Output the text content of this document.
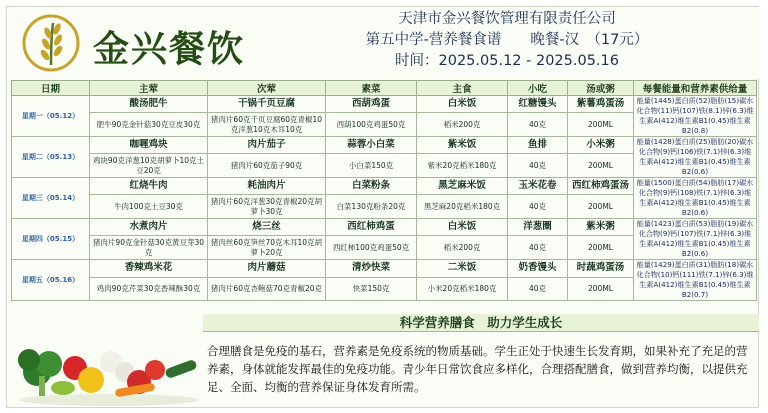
金兴餐饮
天津市金兴餐饮管理有限责任公司
第五中学-营养餐食谱　　晚餐-汉　（17元）
时间：2025.05.12 - 2025.05.16
日期	主荤	次荤	素菜	主食	小吃	汤或粥	每餐能量和营养素供给量
星期一（05.12）	酸汤肥牛	干锅千页豆腐	西葫鸡蛋	白米饭	红糖馒头	紫薯鸡蛋汤	能量(1445)蛋白质(52)脂肪(15)碳水化合物(11)钙(107)铁(8.1)锌(6.3)维生素A(412)维生素B1(0.45)维生素B2(0.8)
	肥牛90克金针菇30克豆皮30克	猪肉片60克千页豆腐60克青椒10克洋葱10克木耳10克	西葫100克鸡蛋50克	稻米200克	40克	200ML	
星期二（05.13）	咖喱鸡块	肉片茄子	蒜蓉小白菜	紫米饭	鱼排	小米粥	能量(1428)蛋白质(25)脂肪(20)碳水化合物(9)钙(106)铁(7.1)锌(6.3)维生素A(412)维生素B1(0.45)维生素B2(0.6)
	鸡块90克洋葱10克胡萝卜10克土豆20克	猪肉片60克茄子90克	小白菜150克	紫米20克稻米180克	40克	200ML	
星期三（05.14）	红烧牛肉	耗油肉片	白菜粉条	黑芝麻米饭	玉米花卷	西红柿鸡蛋汤	能量(1500)蛋白质(54)脂肪(17)碳水化合物(9)钙(108)铁(7.1)锌(6.3)维生素A(412)维生素B1(0.45)维生素B2(0.6)
	牛肉100克土豆30克	猪肉片60克洋葱30克青椒20克胡萝卜30克	白菜130克粉条20克	黑芝麻20克稻米180克	40克	200ML	
星期四（05.15）	水煮肉片	烧三丝	西红柿鸡蛋	白米饭	洋葱圈	紫米粥	能量(1423)蛋白质(53)脂肪(19)碳水化合物(9)钙(107)铁(7.1)锌(6.3)维生素A(412)维生素B1(0.45)维生素B2(0.6)
	猪肉片90克金针菇30克黄豆芽30克	猪肉丝60克笋丝70克木耳10克胡萝卜20克	西红柿100克鸡蛋50克	稻米200克	40克	200ML	
星期五（05.16）	香辣鸡米花	肉片蘑菇	清炒快菜	二米饭	奶香馒头	时蔬鸡蛋汤	能量(1429)蛋白质(31)脂肪(18)碳水化合物(10)钙(111)铁(7.1)锌(6.3)维生素A(412)维生素B1(0.45)维生素B2(0.7)
	鸡肉90克芹菜30克香辣酥30克	猪肉片60克杏鲍菇70克青椒20克	快菜150克	小米20克稻米180克	40克	200ML	
科学营养膳食　助力学生成长
合理膳食是免疫的基石，营养素是免疫系统的物质基础。学生正处于快速生长发育期，如果补充了充足的营养素，身体就能发挥最佳的免疫功能。青少年日常饮食应多样化，合理搭配膳食，做到营养均衡，以提供充足、全面、均衡的营养保证身体发育所需。
